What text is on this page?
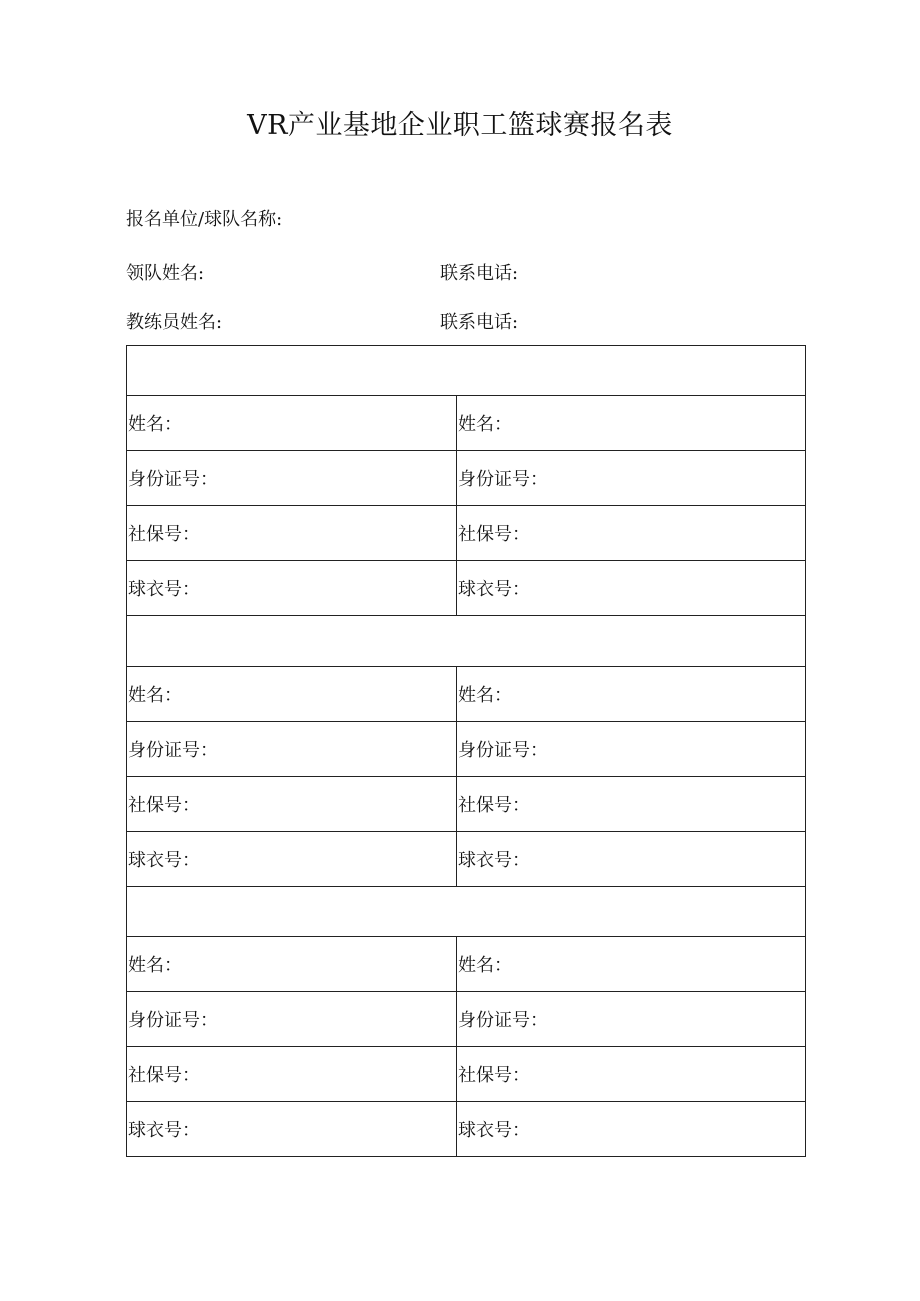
VR产业基地企业职工篮球赛报名表
报名单位/球队名称:
领队姓名:	联系电话:
教练员姓名:	联系电话:

姓名：	姓名：
身份证号：	身份证号：
社保号：	社保号：
球衣号：	球衣号：

姓名：	姓名：
身份证号：	身份证号：
社保号：	社保号：
球衣号：	球衣号：

姓名：	姓名：
身份证号：	身份证号：
社保号：	社保号：
球衣号：	球衣号：
